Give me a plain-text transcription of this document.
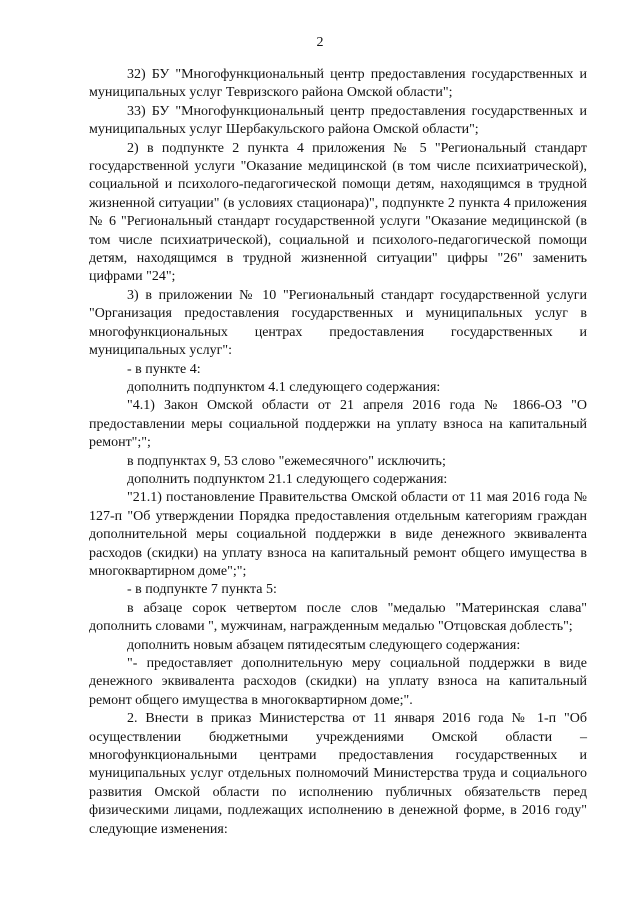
2

32) БУ "Многофункциональный центр предоставления государственных и муниципальных услуг Тевризского района Омской области";

33) БУ "Многофункциональный центр предоставления государственных и муниципальных услуг Шербакульского района Омской области";

2) в подпункте 2 пункта 4 приложения № 5 "Региональный стандарт государственной услуги "Оказание медицинской (в том числе психиатрической), социальной и психолого-педагогической помощи детям, находящимся в трудной жизненной ситуации" (в условиях стационара)", подпункте 2 пункта 4 приложения № 6 "Региональный стандарт государственной услуги "Оказание медицинской (в том числе психиатрической), социальной и психолого-педагогической помощи детям, находящимся в трудной жизненной ситуации" цифры "26" заменить цифрами "24";

3) в приложении № 10 "Региональный стандарт государственной услуги "Организация предоставления государственных и муниципальных услуг в многофункциональных центрах предоставления государственных и муниципальных услуг":

- в пункте 4:

дополнить подпунктом 4.1 следующего содержания:

"4.1) Закон Омской области от 21 апреля 2016 года № 1866-ОЗ "О предоставлении меры социальной поддержки на уплату взноса на капитальный ремонт";";

в подпунктах 9, 53 слово "ежемесячного" исключить;

дополнить подпунктом 21.1 следующего содержания:

"21.1) постановление Правительства Омской области от 11 мая 2016 года № 127-п "Об утверждении Порядка предоставления отдельным категориям граждан дополнительной меры социальной поддержки в виде денежного эквивалента расходов (скидки) на уплату взноса на капитальный ремонт общего имущества в многоквартирном доме";";

- в подпункте 7 пункта 5:

в абзаце сорок четвертом после слов "медалью "Материнская слава" дополнить словами ", мужчинам, награжденным медалью "Отцовская доблесть";

дополнить новым абзацем пятидесятым следующего содержания:

"- предоставляет дополнительную меру социальной поддержки в виде денежного эквивалента расходов (скидки) на уплату взноса на капитальный ремонт общего имущества в многоквартирном доме;".

2. Внести в приказ Министерства от 11 января 2016 года № 1-п "Об осуществлении бюджетными учреждениями Омской области – многофункциональными центрами предоставления государственных и муниципальных услуг отдельных полномочий Министерства труда и социального развития Омской области по исполнению публичных обязательств перед физическими лицами, подлежащих исполнению в денежной форме, в 2016 году" следующие изменения:
